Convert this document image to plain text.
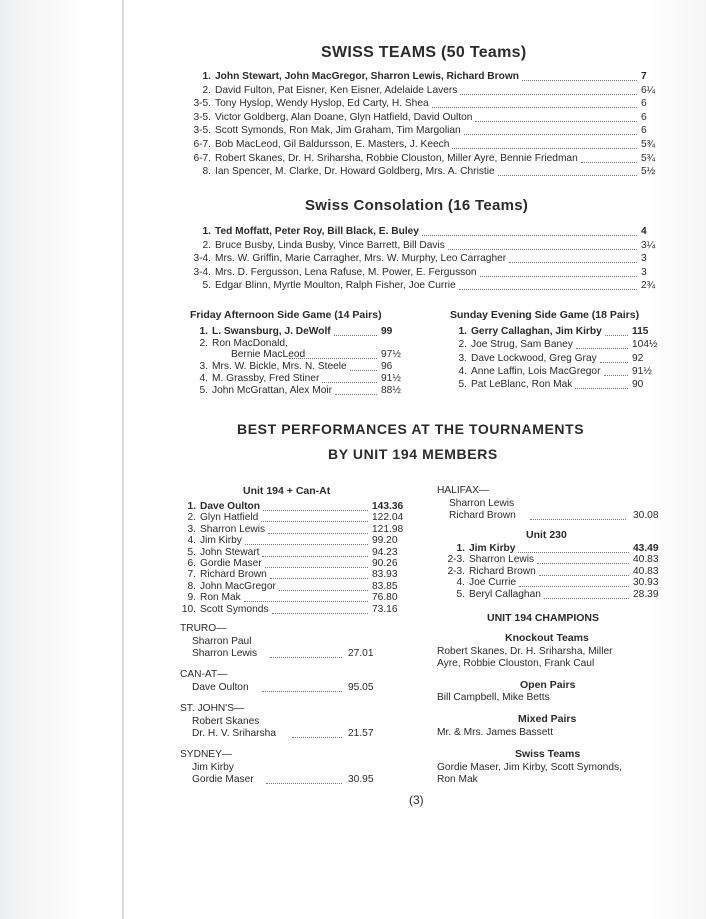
SWISS TEAMS (50 Teams)
1. John Stewart, John MacGregor, Sharron Lewis, Richard Brown	7
2. David Fulton, Pat Eisner, Ken Eisner, Adelaide Lavers	6¼
3-5. Tony Hyslop, Wendy Hyslop, Ed Carty, H. Shea	6
3-5. Victor Goldberg, Alan Doane, Glyn Hatfield, David Oulton	6
3-5. Scott Symonds, Ron Mak, Jim Graham, Tim Margolian	6
6-7. Bob MacLeod, Gil Baldursson, E. Masters, J. Keech	5¾
6-7. Robert Skanes, Dr. H. Sriharsha, Robbie Clouston, Miller Ayre, Bennie Friedman	5¾
8. Ian Spencer, M. Clarke, Dr. Howard Goldberg, Mrs. A. Christie	5½
Swiss Consolation (16 Teams)
1. Ted Moffatt, Peter Roy, Bill Black, E. Buley	4
2. Bruce Busby, Linda Busby, Vince Barrett, Bill Davis	3¼
3-4. Mrs. W. Griffin, Marie Carragher, Mrs. W. Murphy, Leo Carragher	3
3-4. Mrs. D. Fergusson, Lena Rafuse, M. Power, E. Fergusson	3
5. Edgar Blinn, Myrtle Moulton, Ralph Fisher, Joe Currie	2¾
Friday Afternoon Side Game (14 Pairs)
1. L. Swansburg, J. DeWolf	99
2. Ron MacDonald,
Bernie MacLeod	97½
3. Mrs. W. Bickle, Mrs. N. Steele	96
4. M. Grassby, Fred Stiner	91½
5. John McGrattan, Alex Moir	88½
Sunday Evening Side Game (18 Pairs)
1. Gerry Callaghan, Jim Kirby	115
2. Joe Strug, Sam Baney	104½
3. Dave Lockwood, Greg Gray	92
4. Anne Laffin, Lois MacGregor	91½
5. Pat LeBlanc, Ron Mak	90
BEST PERFORMANCES AT THE TOURNAMENTS
BY UNIT 194 MEMBERS
Unit 194 + Can-At
1. Dave Oulton	143.36
2. Glyn Hatfield	122.04
3. Sharron Lewis	121.98
4. Jim Kirby	99.20
5. John Stewart	94.23
6. Gordie Maser	90.26
7. Richard Brown	83.93
8. John MacGregor	83.85
9. Ron Mak	76.80
10. Scott Symonds	73.16
TRURO—
Sharron Paul
Sharron Lewis	27.01
CAN-AT—
Dave Oulton	95.05
ST. JOHN'S—
Robert Skanes
Dr. H. V. Sriharsha	21.57
SYDNEY—
Jim Kirby
Gordie Maser	30.95
HALIFAX—
Sharron Lewis
Richard Brown	30.08
Unit 230
1. Jim Kirby	43.49
2-3. Sharron Lewis	40.83
2-3. Richard Brown	40.83
4. Joe Currie	30.93
5. Beryl Callaghan	28.39
UNIT 194 CHAMPIONS
Knockout Teams
Robert Skanes, Dr. H. Sriharsha, Miller
Ayre, Robbie Clouston, Frank Caul
Open Pairs
Bill Campbell, Mike Betts
Mixed Pairs
Mr. & Mrs. James Bassett
Swiss Teams
Gordie Maser, Jim Kirby, Scott Symonds,
Ron Mak
(3)
